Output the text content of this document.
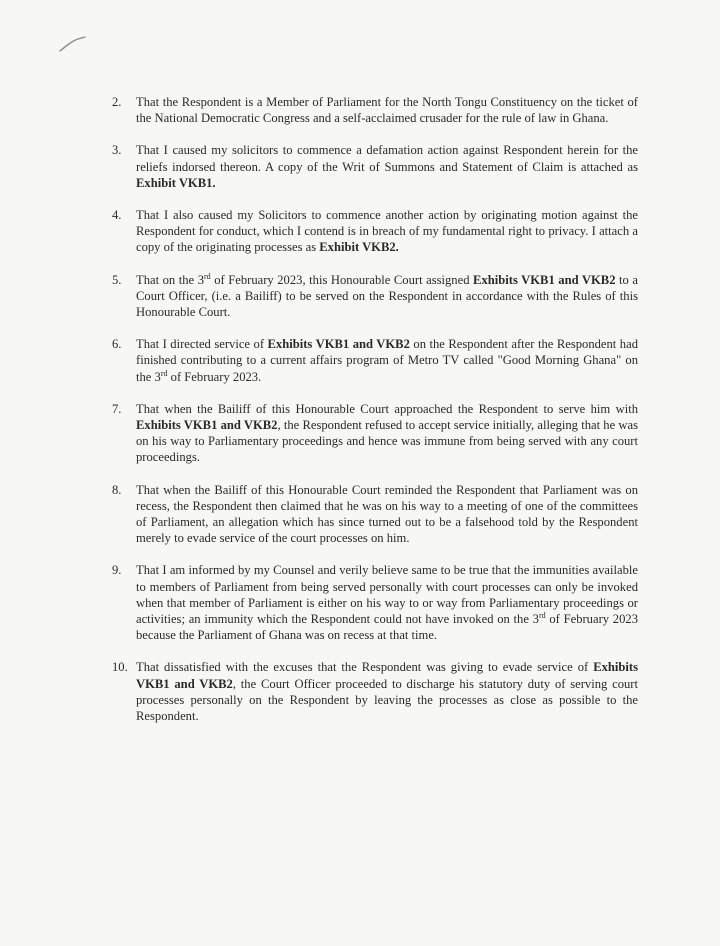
2.	That the Respondent is a Member of Parliament for the North Tongu Constituency on the ticket of the National Democratic Congress and a self-acclaimed crusader for the rule of law in Ghana.
3.	That I caused my solicitors to commence a defamation action against Respondent herein for the reliefs indorsed thereon. A copy of the Writ of Summons and Statement of Claim is attached as Exhibit VKB1.
4.	That I also caused my Solicitors to commence another action by originating motion against the Respondent for conduct, which I contend is in breach of my fundamental right to privacy. I attach a copy of the originating processes as Exhibit VKB2.
5.	That on the 3rd of February 2023, this Honourable Court assigned Exhibits VKB1 and VKB2 to a Court Officer, (i.e. a Bailiff) to be served on the Respondent in accordance with the Rules of this Honourable Court.
6.	That I directed service of Exhibits VKB1 and VKB2 on the Respondent after the Respondent had finished contributing to a current affairs program of Metro TV called "Good Morning Ghana" on the 3rd of February 2023.
7.	That when the Bailiff of this Honourable Court approached the Respondent to serve him with Exhibits VKB1 and VKB2, the Respondent refused to accept service initially, alleging that he was on his way to Parliamentary proceedings and hence was immune from being served with any court proceedings.
8.	That when the Bailiff of this Honourable Court reminded the Respondent that Parliament was on recess, the Respondent then claimed that he was on his way to a meeting of one of the committees of Parliament, an allegation which has since turned out to be a falsehood told by the Respondent merely to evade service of the court processes on him.
9.	That I am informed by my Counsel and verily believe same to be true that the immunities available to members of Parliament from being served personally with court processes can only be invoked when that member of Parliament is either on his way to or way from Parliamentary proceedings or activities; an immunity which the Respondent could not have invoked on the 3rd of February 2023 because the Parliament of Ghana was on recess at that time.
10. That dissatisfied with the excuses that the Respondent was giving to evade service of Exhibits VKB1 and VKB2, the Court Officer proceeded to discharge his statutory duty of serving court processes personally on the Respondent by leaving the processes as close as possible to the Respondent.
